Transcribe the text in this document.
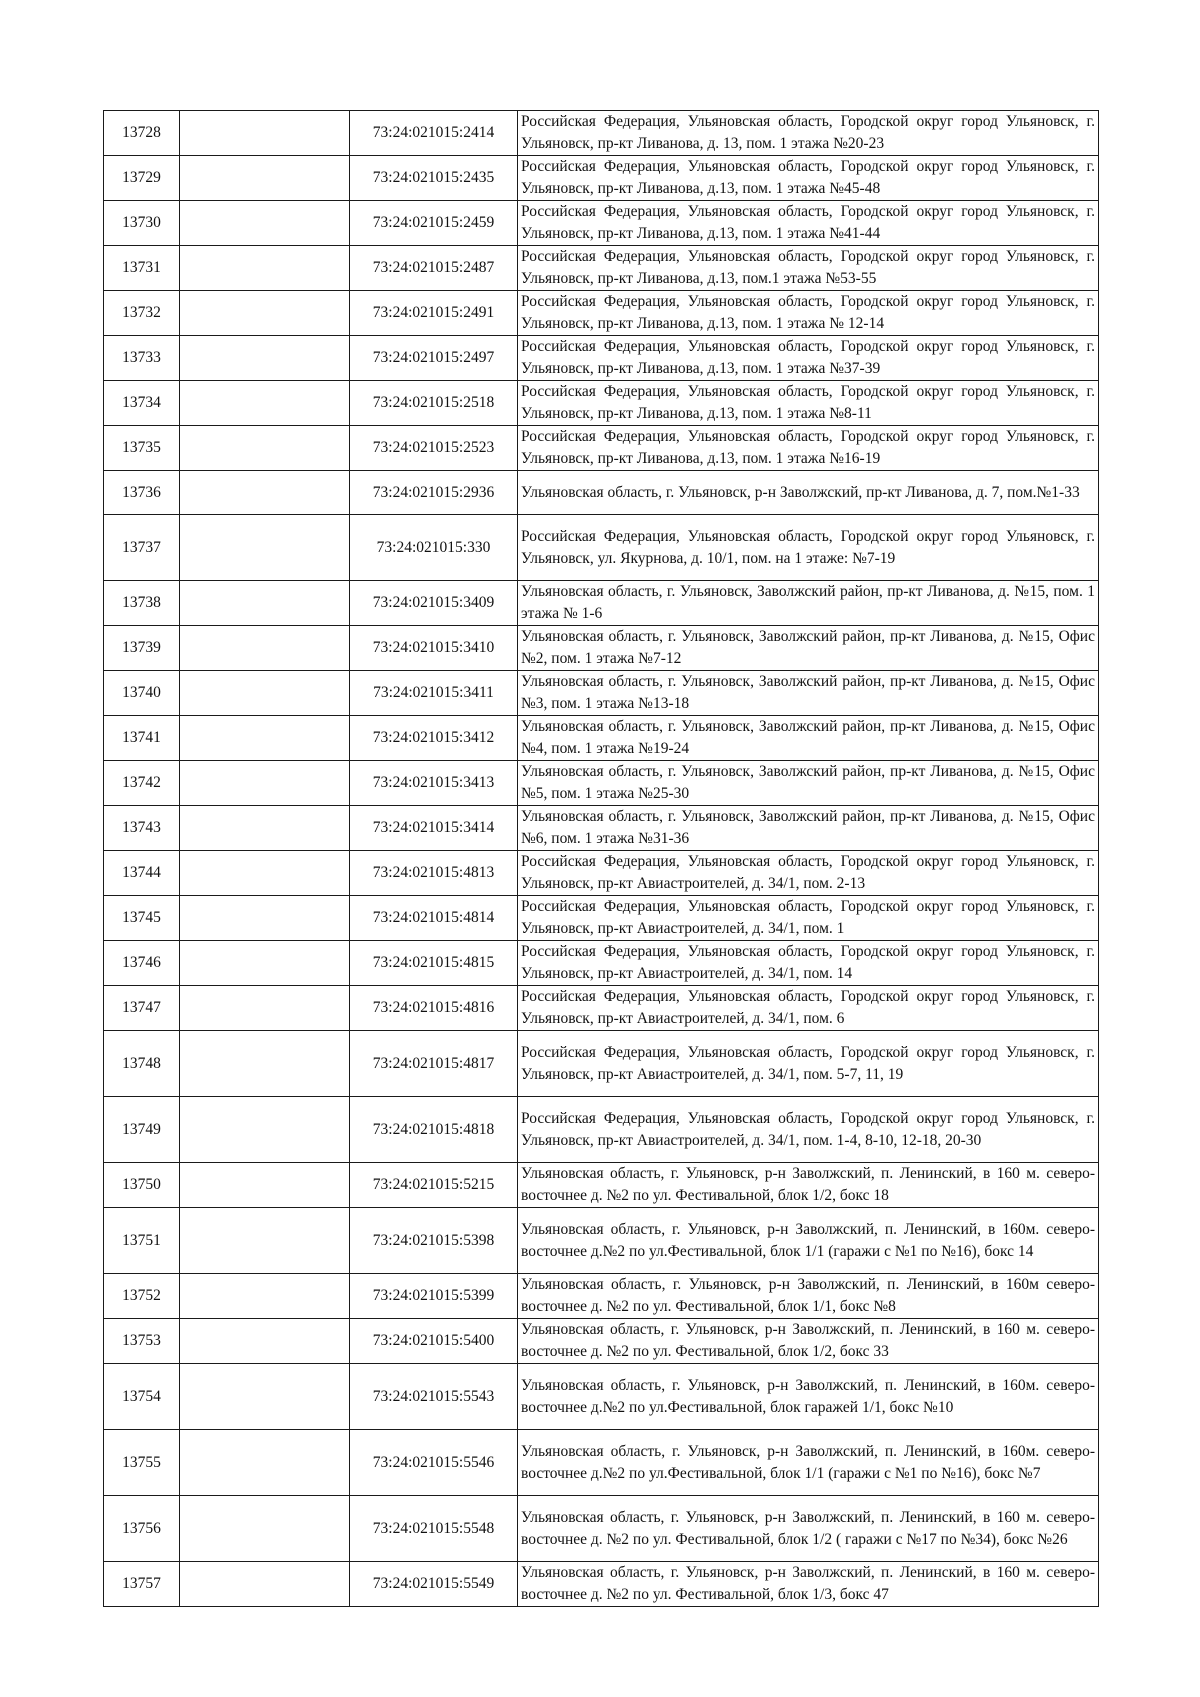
13728		73:24:021015:2414	Российская Федерация, Ульяновская область, Городской округ город Ульяновск, г. Ульяновск, пр-кт Ливанова, д. 13, пом. 1 этажа №20-23
13729		73:24:021015:2435	Российская Федерация, Ульяновская область, Городской округ город Ульяновск, г. Ульяновск, пр-кт Ливанова, д.13, пом. 1 этажа №45-48
13730		73:24:021015:2459	Российская Федерация, Ульяновская область, Городской округ город Ульяновск, г. Ульяновск, пр-кт Ливанова, д.13, пом. 1 этажа №41-44
13731		73:24:021015:2487	Российская Федерация, Ульяновская область, Городской округ город Ульяновск, г. Ульяновск, пр-кт Ливанова, д.13, пом.1 этажа №53-55
13732		73:24:021015:2491	Российская Федерация, Ульяновская область, Городской округ город Ульяновск, г. Ульяновск, пр-кт Ливанова, д.13, пом. 1 этажа № 12-14
13733		73:24:021015:2497	Российская Федерация, Ульяновская область, Городской округ город Ульяновск, г. Ульяновск, пр-кт Ливанова, д.13, пом. 1 этажа №37-39
13734		73:24:021015:2518	Российская Федерация, Ульяновская область, Городской округ город Ульяновск, г. Ульяновск, пр-кт Ливанова, д.13, пом. 1 этажа №8-11
13735		73:24:021015:2523	Российская Федерация, Ульяновская область, Городской округ город Ульяновск, г. Ульяновск, пр-кт Ливанова, д.13, пом. 1 этажа №16-19
13736		73:24:021015:2936	Ульяновская область, г. Ульяновск, р-н Заволжский, пр-кт Ливанова, д. 7, пом.№1-33
13737		73:24:021015:330	Российская Федерация, Ульяновская область, Городской округ город Ульяновск, г. Ульяновск, ул. Якурнова, д. 10/1, пом. на 1 этаже: №7-19
13738		73:24:021015:3409	Ульяновская область, г. Ульяновск, Заволжский район, пр-кт Ливанова, д. №15, пом. 1 этажа № 1-6
13739		73:24:021015:3410	Ульяновская область, г. Ульяновск, Заволжский район, пр-кт Ливанова, д. №15, Офис №2, пом. 1 этажа №7-12
13740		73:24:021015:3411	Ульяновская область, г. Ульяновск, Заволжский район, пр-кт Ливанова, д. №15, Офис №3, пом. 1 этажа №13-18
13741		73:24:021015:3412	Ульяновская область, г. Ульяновск, Заволжский район, пр-кт Ливанова, д. №15, Офис №4, пом. 1 этажа №19-24
13742		73:24:021015:3413	Ульяновская область, г. Ульяновск, Заволжский район, пр-кт Ливанова, д. №15, Офис №5, пом. 1 этажа №25-30
13743		73:24:021015:3414	Ульяновская область, г. Ульяновск, Заволжский район, пр-кт Ливанова, д. №15, Офис №6, пом. 1 этажа №31-36
13744		73:24:021015:4813	Российская Федерация, Ульяновская область, Городской округ город Ульяновск, г. Ульяновск, пр-кт Авиастроителей, д. 34/1, пом. 2-13
13745		73:24:021015:4814	Российская Федерация, Ульяновская область, Городской округ город Ульяновск, г. Ульяновск, пр-кт Авиастроителей, д. 34/1, пом. 1
13746		73:24:021015:4815	Российская Федерация, Ульяновская область, Городской округ город Ульяновск, г. Ульяновск, пр-кт Авиастроителей, д. 34/1, пом. 14
13747		73:24:021015:4816	Российская Федерация, Ульяновская область, Городской округ город Ульяновск, г. Ульяновск, пр-кт Авиастроителей, д. 34/1, пом. 6
13748		73:24:021015:4817	Российская Федерация, Ульяновская область, Городской округ город Ульяновск, г. Ульяновск, пр-кт Авиастроителей, д. 34/1, пом. 5-7, 11, 19
13749		73:24:021015:4818	Российская Федерация, Ульяновская область, Городской округ город Ульяновск, г. Ульяновск, пр-кт Авиастроителей, д. 34/1, пом. 1-4, 8-10, 12-18, 20-30
13750		73:24:021015:5215	Ульяновская область, г. Ульяновск, р-н Заволжский, п. Ленинский, в 160 м. северо-восточнее д. №2 по ул. Фестивальной, блок 1/2, бокс 18
13751		73:24:021015:5398	Ульяновская область, г. Ульяновск, р-н Заволжский, п. Ленинский, в 160м. северо-восточнее д.№2 по ул.Фестивальной, блок 1/1 (гаражи с №1 по №16), бокс 14
13752		73:24:021015:5399	Ульяновская область, г. Ульяновск, р-н Заволжский, п. Ленинский, в 160м северо-восточнее д. №2 по ул. Фестивальной, блок 1/1, бокс №8
13753		73:24:021015:5400	Ульяновская область, г. Ульяновск, р-н Заволжский, п. Ленинский, в 160 м. северо-восточнее д. №2 по ул. Фестивальной, блок 1/2, бокс 33
13754		73:24:021015:5543	Ульяновская область, г. Ульяновск, р-н Заволжский, п. Ленинский, в 160м. северо-восточнее д.№2 по ул.Фестивальной, блок гаражей 1/1, бокс №10
13755		73:24:021015:5546	Ульяновская область, г. Ульяновск, р-н Заволжский, п. Ленинский, в 160м. северо-восточнее д.№2 по ул.Фестивальной, блок 1/1 (гаражи с №1 по №16), бокс №7
13756		73:24:021015:5548	Ульяновская область, г. Ульяновск, р-н Заволжский, п. Ленинский, в 160 м. северо-восточнее д. №2 по ул. Фестивальной, блок 1/2 ( гаражи с №17 по №34), бокс №26
13757		73:24:021015:5549	Ульяновская область, г. Ульяновск, р-н Заволжский, п. Ленинский, в 160 м. северо-восточнее д. №2 по ул. Фестивальной, блок 1/3, бокс 47
